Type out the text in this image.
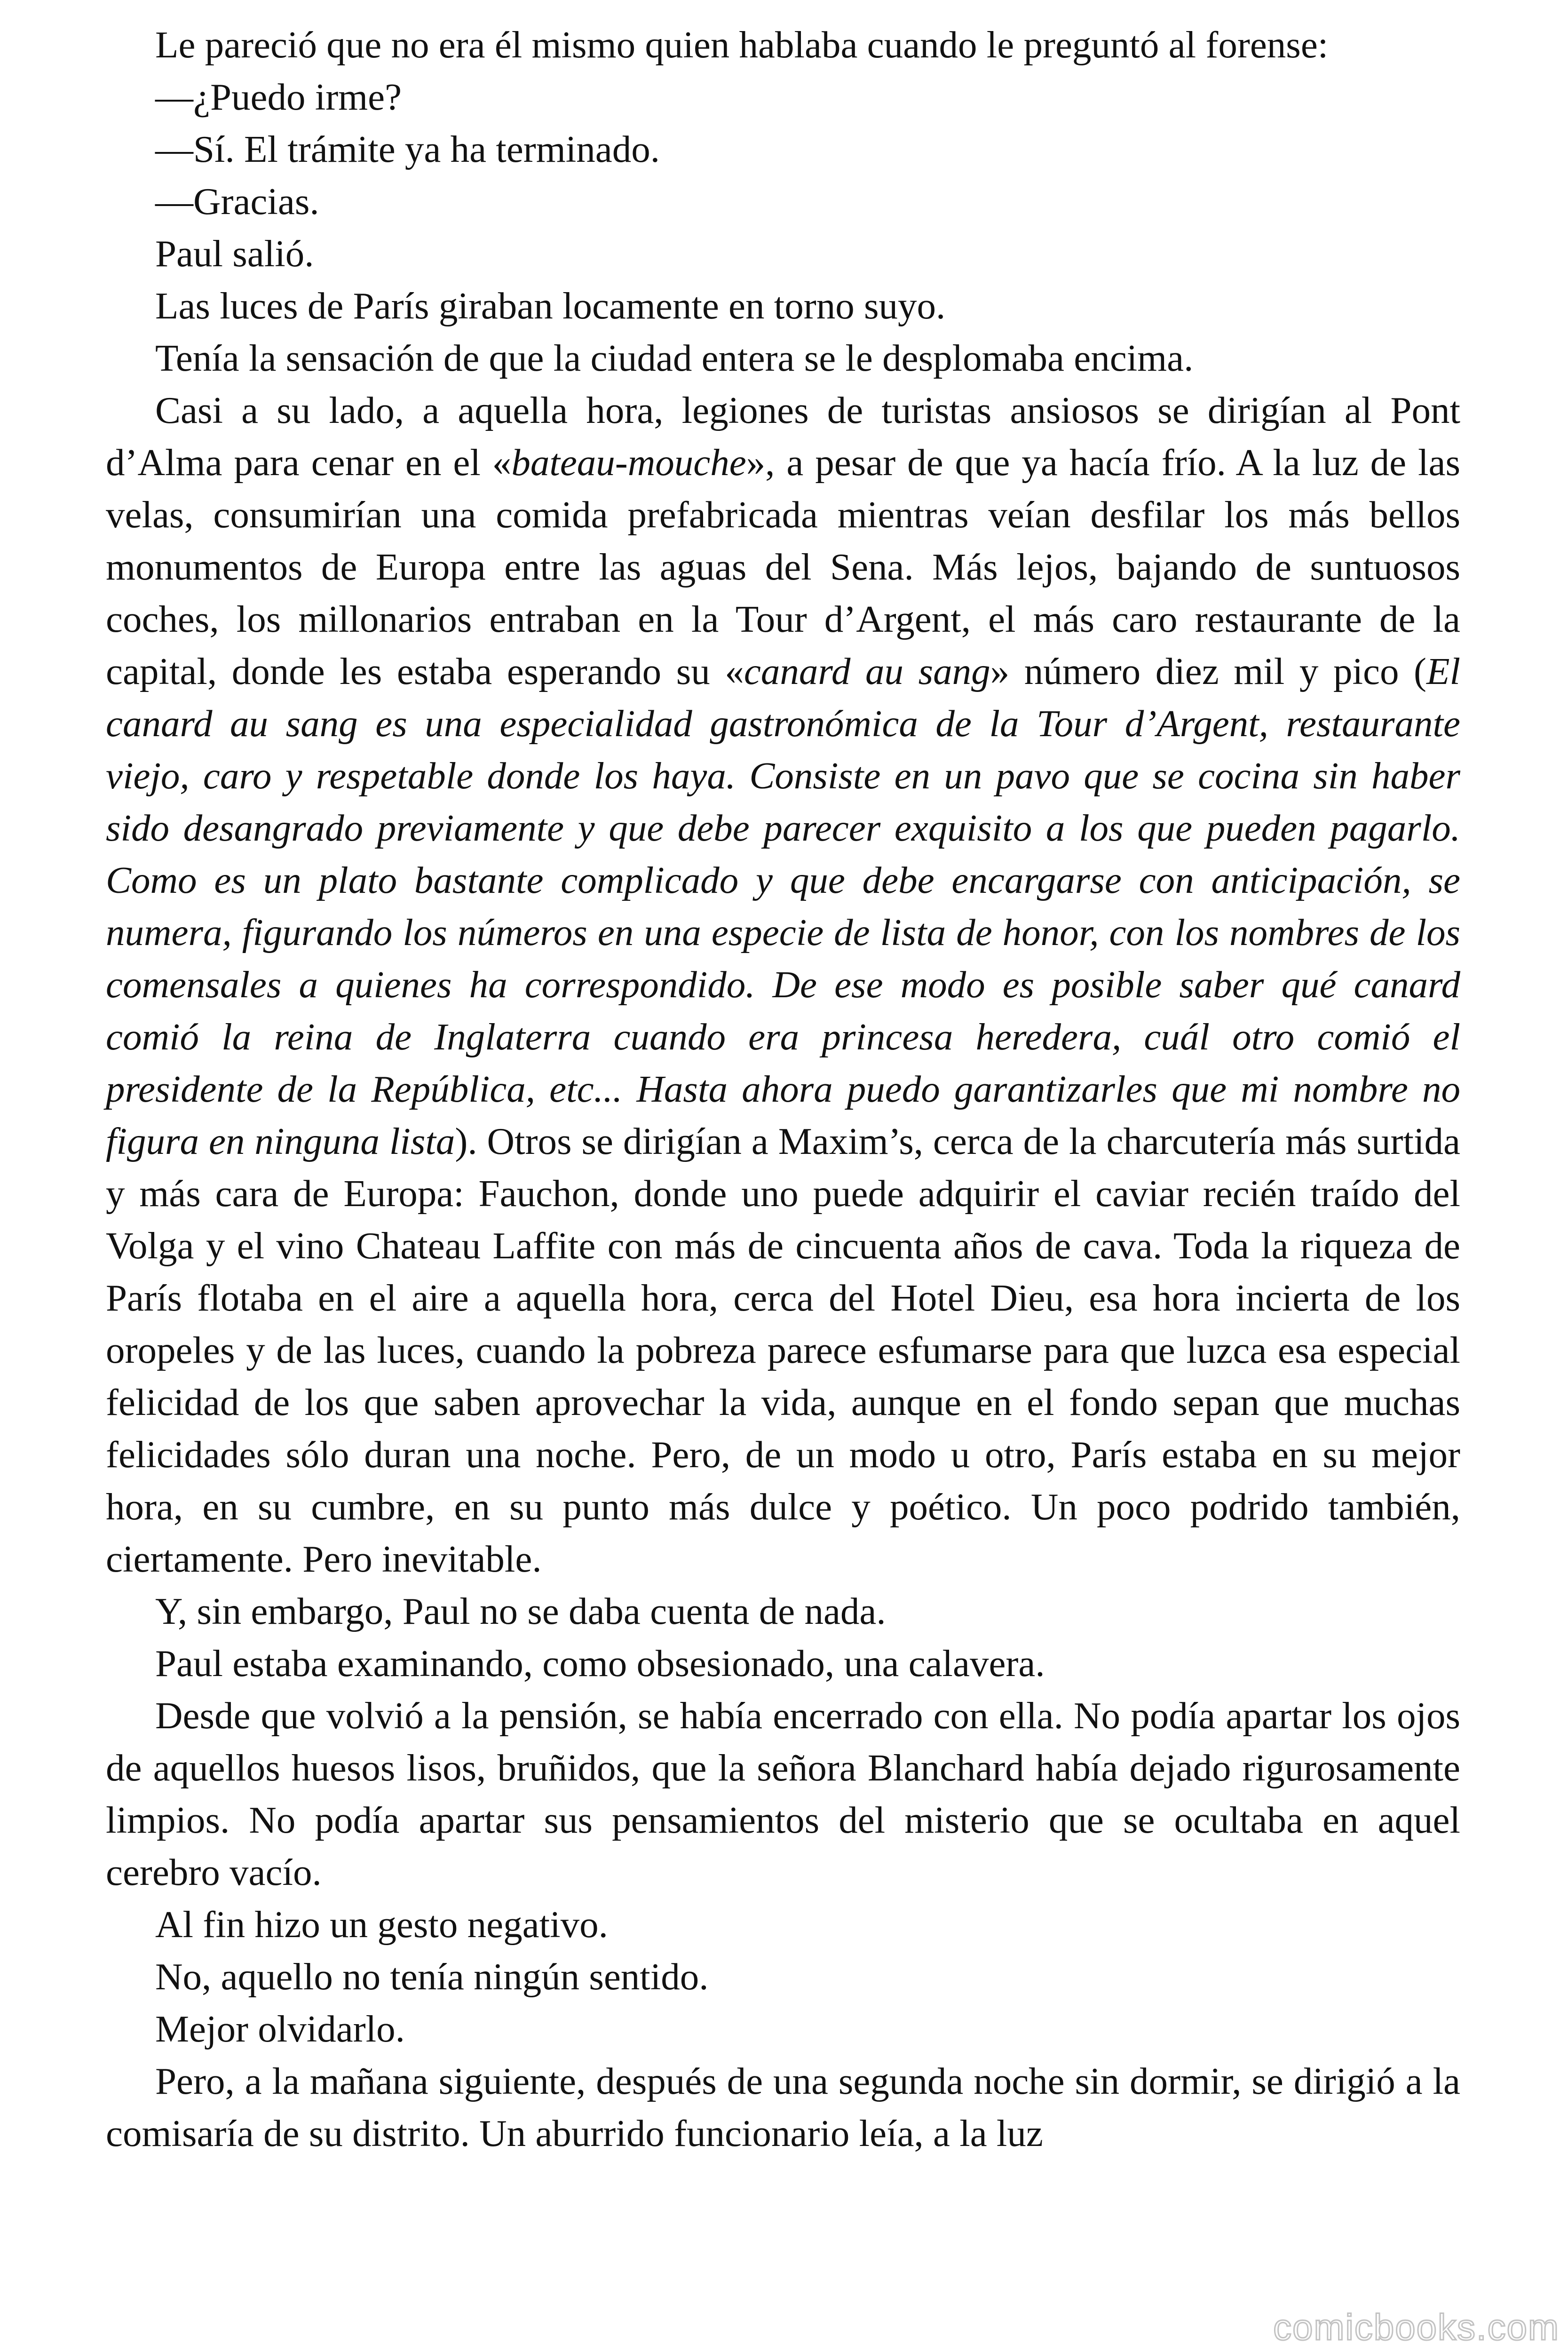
Le pareció que no era él mismo quien hablaba cuando le preguntó al forense:

—¿Puedo irme?

—Sí. El trámite ya ha terminado.

—Gracias.

Paul salió.

Las luces de París giraban locamente en torno suyo.

Tenía la sensación de que la ciudad entera se le desplomaba encima.

Casi a su lado, a aquella hora, legiones de turistas ansiosos se dirigían al Pont d’Alma para cenar en el «bateau-mouche», a pesar de que ya hacía frío. A la luz de las velas, consumirían una comida prefabricada mientras veían desfilar los más bellos monumentos de Europa entre las aguas del Sena. Más lejos, bajando de suntuosos coches, los millonarios entraban en la Tour d’Argent, el más caro restaurante de la capital, donde les estaba esperando su «canard au sang» número diez mil y pico (El canard au sang es una especialidad gastronómica de la Tour d’Argent, restaurante viejo, caro y respetable donde los haya. Consiste en un pavo que se cocina sin haber sido desangrado previamente y que debe parecer exquisito a los que pueden pagarlo. Como es un plato bastante complicado y que debe encargarse con anticipación, se numera, figurando los números en una especie de lista de honor, con los nombres de los comensales a quienes ha correspondido. De ese modo es posible saber qué canard comió la reina de Inglaterra cuando era princesa heredera, cuál otro comió el presidente de la República, etc... Hasta ahora puedo garantizarles que mi nombre no figura en ninguna lista). Otros se dirigían a Maxim’s, cerca de la charcutería más surtida y más cara de Europa: Fauchon, donde uno puede adquirir el caviar recién traído del Volga y el vino Chateau Laffite con más de cincuenta años de cava. Toda la riqueza de París flotaba en el aire a aquella hora, cerca del Hotel Dieu, esa hora incierta de los oropeles y de las luces, cuando la pobreza parece esfumarse para que luzca esa especial felicidad de los que saben aprovechar la vida, aunque en el fondo sepan que muchas felicidades sólo duran una noche. Pero, de un modo u otro, París estaba en su mejor hora, en su cumbre, en su punto más dulce y poético. Un poco podrido también, ciertamente. Pero inevitable.

Y, sin embargo, Paul no se daba cuenta de nada.

Paul estaba examinando, como obsesionado, una calavera.

Desde que volvió a la pensión, se había encerrado con ella. No podía apartar los ojos de aquellos huesos lisos, bruñidos, que la señora Blanchard había dejado rigurosamente limpios. No podía apartar sus pensamientos del misterio que se ocultaba en aquel cerebro vacío.

Al fin hizo un gesto negativo.

No, aquello no tenía ningún sentido.

Mejor olvidarlo.

Pero, a la mañana siguiente, después de una segunda noche sin dormir, se dirigió a la comisaría de su distrito. Un aburrido funcionario leía, a la luz

comicbooks.com
